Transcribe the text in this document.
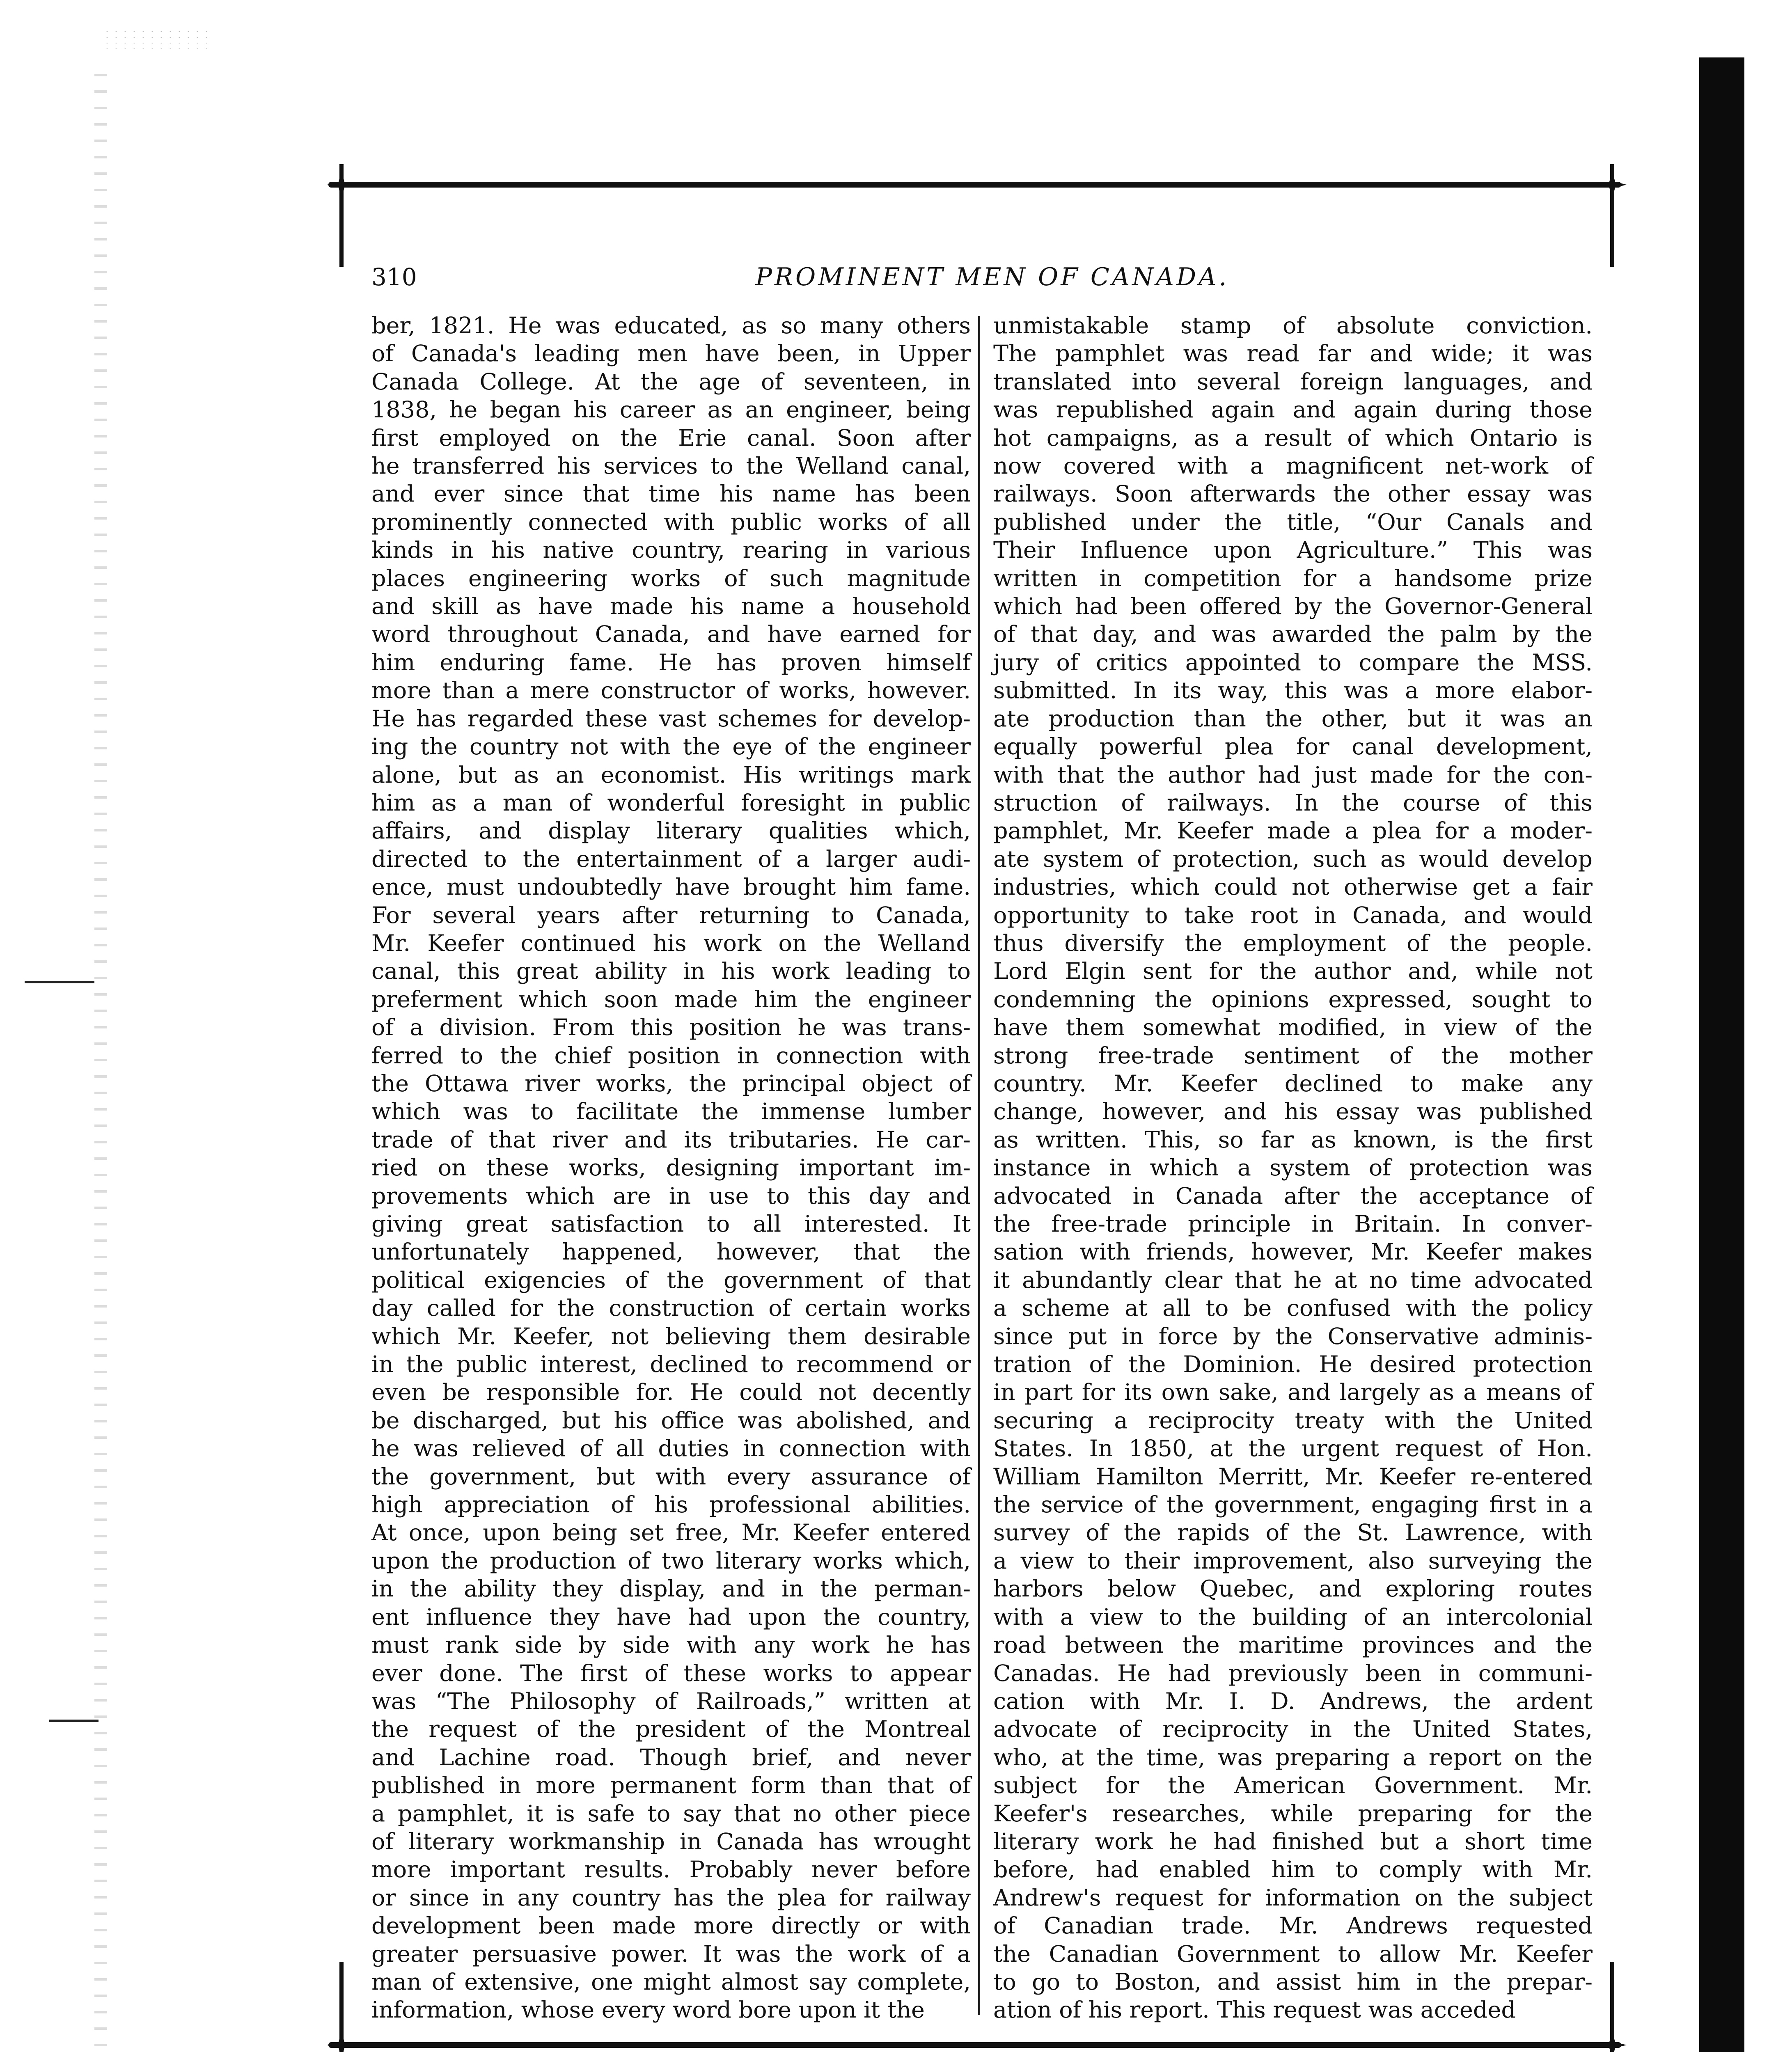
PROMINENT MEN OF CANADA.
310
ber, 1821. He was educated, as so many others
of Canada's leading men have been, in Upper
Canada College. At the age of seventeen, in
1838, he began his career as an engineer, being
first employed on the Erie canal. Soon after
he transferred his services to the Welland canal,
and ever since that time his name has been
prominently connected with public works of all
kinds in his native country, rearing in various
places engineering works of such magnitude
and skill as have made his name a household
word throughout Canada, and have earned for
him enduring fame. He has proven himself
more than a mere constructor of works, however.
He has regarded these vast schemes for develop-
ing the country not with the eye of the engineer
alone, but as an economist. His writings mark
him as a man of wonderful foresight in public
affairs, and display literary qualities which,
directed to the entertainment of a larger audi-
ence, must undoubtedly have brought him fame.
For several years after returning to Canada,
Mr. Keefer continued his work on the Welland
canal, this great ability in his work leading to
preferment which soon made him the engineer
of a division. From this position he was trans-
ferred to the chief position in connection with
the Ottawa river works, the principal object of
which was to facilitate the immense lumber
trade of that river and its tributaries. He car-
ried on these works, designing important im-
provements which are in use to this day and
giving great satisfaction to all interested. It
unfortunately happened, however, that the
political exigencies of the government of that
day called for the construction of certain works
which Mr. Keefer, not believing them desirable
in the public interest, declined to recommend or
even be responsible for. He could not decently
be discharged, but his office was abolished, and
he was relieved of all duties in connection with
the government, but with every assurance of
high appreciation of his professional abilities.
At once, upon being set free, Mr. Keefer entered
upon the production of two literary works which,
in the ability they display, and in the perman-
ent influence they have had upon the country,
must rank side by side with any work he has
ever done. The first of these works to appear
was “The Philosophy of Railroads,” written at
the request of the president of the Montreal
and Lachine road. Though brief, and never
published in more permanent form than that of
a pamphlet, it is safe to say that no other piece
of literary workmanship in Canada has wrought
more important results. Probably never before
or since in any country has the plea for railway
development been made more directly or with
greater persuasive power. It was the work of a
man of extensive, one might almost say complete,
information, whose every word bore upon it the
unmistakable stamp of absolute conviction.
The pamphlet was read far and wide; it was
translated into several foreign languages, and
was republished again and again during those
hot campaigns, as a result of which Ontario is
now covered with a magnificent net-work of
railways. Soon afterwards the other essay was
published under the title, “Our Canals and
Their Influence upon Agriculture.” This was
written in competition for a handsome prize
which had been offered by the Governor-General
of that day, and was awarded the palm by the
jury of critics appointed to compare the MSS.
submitted. In its way, this was a more elabor-
ate production than the other, but it was an
equally powerful plea for canal development,
with that the author had just made for the con-
struction of railways. In the course of this
pamphlet, Mr. Keefer made a plea for a moder-
ate system of protection, such as would develop
industries, which could not otherwise get a fair
opportunity to take root in Canada, and would
thus diversify the employment of the people.
Lord Elgin sent for the author and, while not
condemning the opinions expressed, sought to
have them somewhat modified, in view of the
strong free-trade sentiment of the mother
country. Mr. Keefer declined to make any
change, however, and his essay was published
as written. This, so far as known, is the first
instance in which a system of protection was
advocated in Canada after the acceptance of
the free-trade principle in Britain. In conver-
sation with friends, however, Mr. Keefer makes
it abundantly clear that he at no time advocated
a scheme at all to be confused with the policy
since put in force by the Conservative adminis-
tration of the Dominion. He desired protection
in part for its own sake, and largely as a means of
securing a reciprocity treaty with the United
States. In 1850, at the urgent request of Hon.
William Hamilton Merritt, Mr. Keefer re-entered
the service of the government, engaging first in a
survey of the rapids of the St. Lawrence, with
a view to their improvement, also surveying the
harbors below Quebec, and exploring routes
with a view to the building of an intercolonial
road between the maritime provinces and the
Canadas. He had previously been in communi-
cation with Mr. I. D. Andrews, the ardent
advocate of reciprocity in the United States,
who, at the time, was preparing a report on the
subject for the American Government. Mr.
Keefer's researches, while preparing for the
literary work he had finished but a short time
before, had enabled him to comply with Mr.
Andrew's request for information on the subject
of Canadian trade. Mr. Andrews requested
the Canadian Government to allow Mr. Keefer
to go to Boston, and assist him in the prepar-
ation of his report. This request was acceded
